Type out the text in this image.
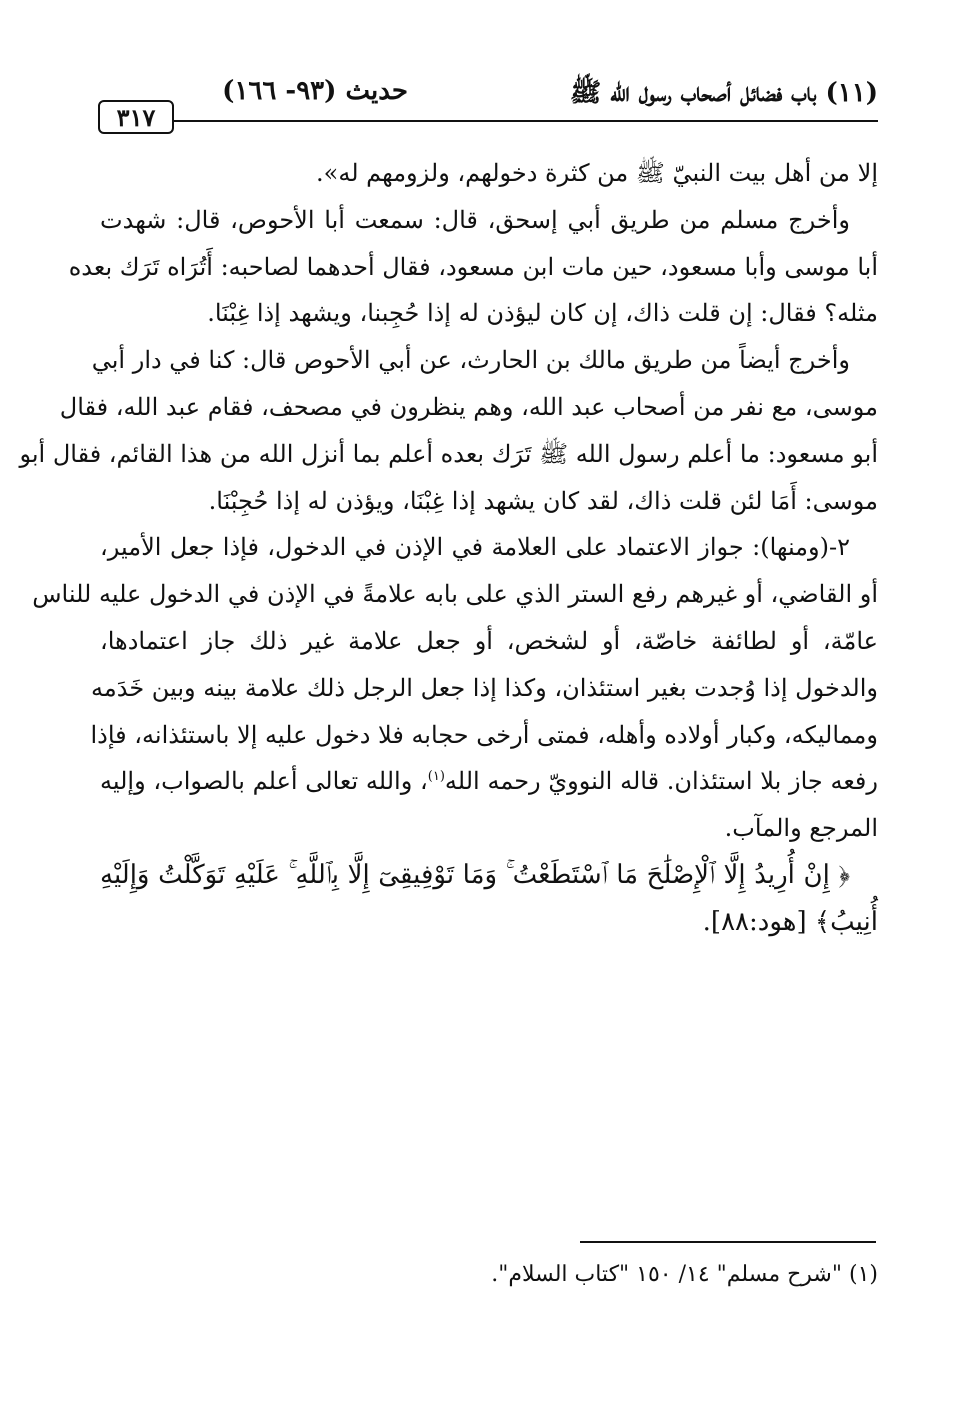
(١١) باب فضائل أصحاب رسول الله ﷺ
حديث (٩٣- ١٦٦)
٣١٧

إلا من أهل بيت النبيّ ﷺ من كثرة دخولهم، ولزومهم له».

وأخرج مسلم من طريق أبي إسحق، قال: سمعت أبا الأحوص، قال: شهدت
أبا موسى وأبا مسعود، حين مات ابن مسعود، فقال أحدهما لصاحبه: أَتُرَاه تَرَك بعده
مثله؟ فقال: إن قلت ذاك، إن كان ليؤذن له إذا حُجِبنا، ويشهد إذا غِبْنَا.

وأخرج أيضاً من طريق مالك بن الحارث، عن أبي الأحوص قال: كنا في دار أبي
موسى، مع نفر من أصحاب عبد الله، وهم ينظرون في مصحف، فقام عبد الله، فقال
أبو مسعود: ما أعلم رسول الله ﷺ تَرَك بعده أعلم بما أنزل الله من هذا القائم، فقال أبو
موسى: أَمَا لئن قلت ذاك، لقد كان يشهد إذا غِبْنَا، ويؤذن له إذا حُجِبْنَا.

٢-(ومنها): جواز الاعتماد على العلامة في الإذن في الدخول، فإذا جعل الأمير،
أو القاضي، أو غيرهم رفع الستر الذي على بابه علامةً في الإذن في الدخول عليه للناس
عامّة، أو لطائفة خاصّة، أو لشخص، أو جعل علامة غير ذلك جاز اعتمادها،
والدخول إذا وُجدت بغير استئذان، وكذا إذا جعل الرجل ذلك علامة بينه وبين خَدَمه
ومماليكه، وكبار أولاده وأهله، فمتى أرخى حجابه فلا دخول عليه إلا باستئذانه، فإذا
رفعه جاز بلا استئذان. قاله النوويّ رحمه الله$^{(١)}$، والله تعالى أعلم بالصواب، وإليه
المرجع والمآب.

﴿ إِنْ أُرِيدُ إِلَّا ٱلْإِصْلَٰحَ مَا ٱسْتَطَعْتُ ۚ وَمَا تَوْفِيقِىٓ إِلَّا بِٱللَّهِ ۚ عَلَيْهِ تَوَكَّلْتُ وَإِلَيْهِ
أُنِيبُ﴾ [هود:٨٨].

(١) "شرح مسلم" ١٤/ ١٥٠ "كتاب السلام".
